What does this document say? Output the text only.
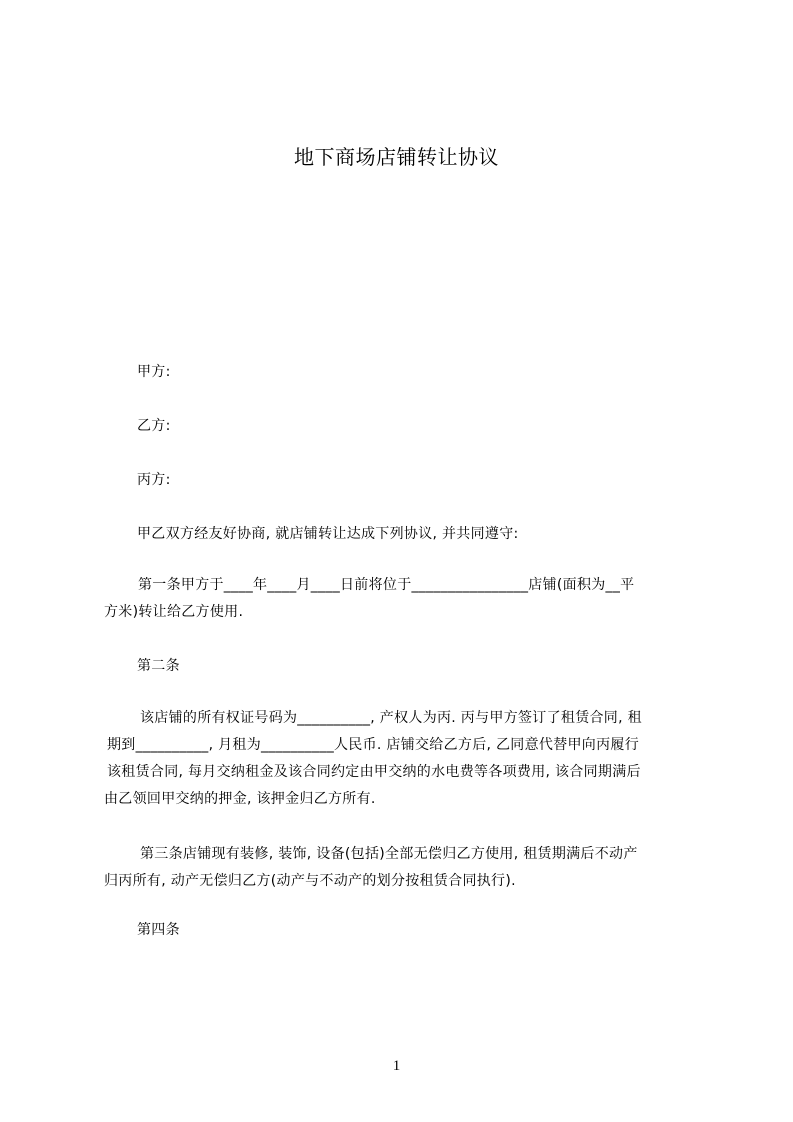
地下商场店铺转让协议
甲方:
乙方:
丙方:
甲乙双方经友好协商, 就店铺转让达成下列协议, 并共同遵守:
第一条甲方于____年____月____日前将位于________________店铺(面积为__平
方米)转让给乙方使用.
第二条
该店铺的所有权证号码为__________, 产权人为丙. 丙与甲方签订了租赁合同, 租
期到__________, 月租为__________人民币. 店铺交给乙方后, 乙同意代替甲向丙履行
该租赁合同, 每月交纳租金及该合同约定由甲交纳的水电费等各项费用, 该合同期满后
由乙领回甲交纳的押金, 该押金归乙方所有.
第三条店铺现有装修, 装饰, 设备(包括)全部无偿归乙方使用, 租赁期满后不动产
归丙所有, 动产无偿归乙方(动产与不动产的划分按租赁合同执行).
第四条
1
